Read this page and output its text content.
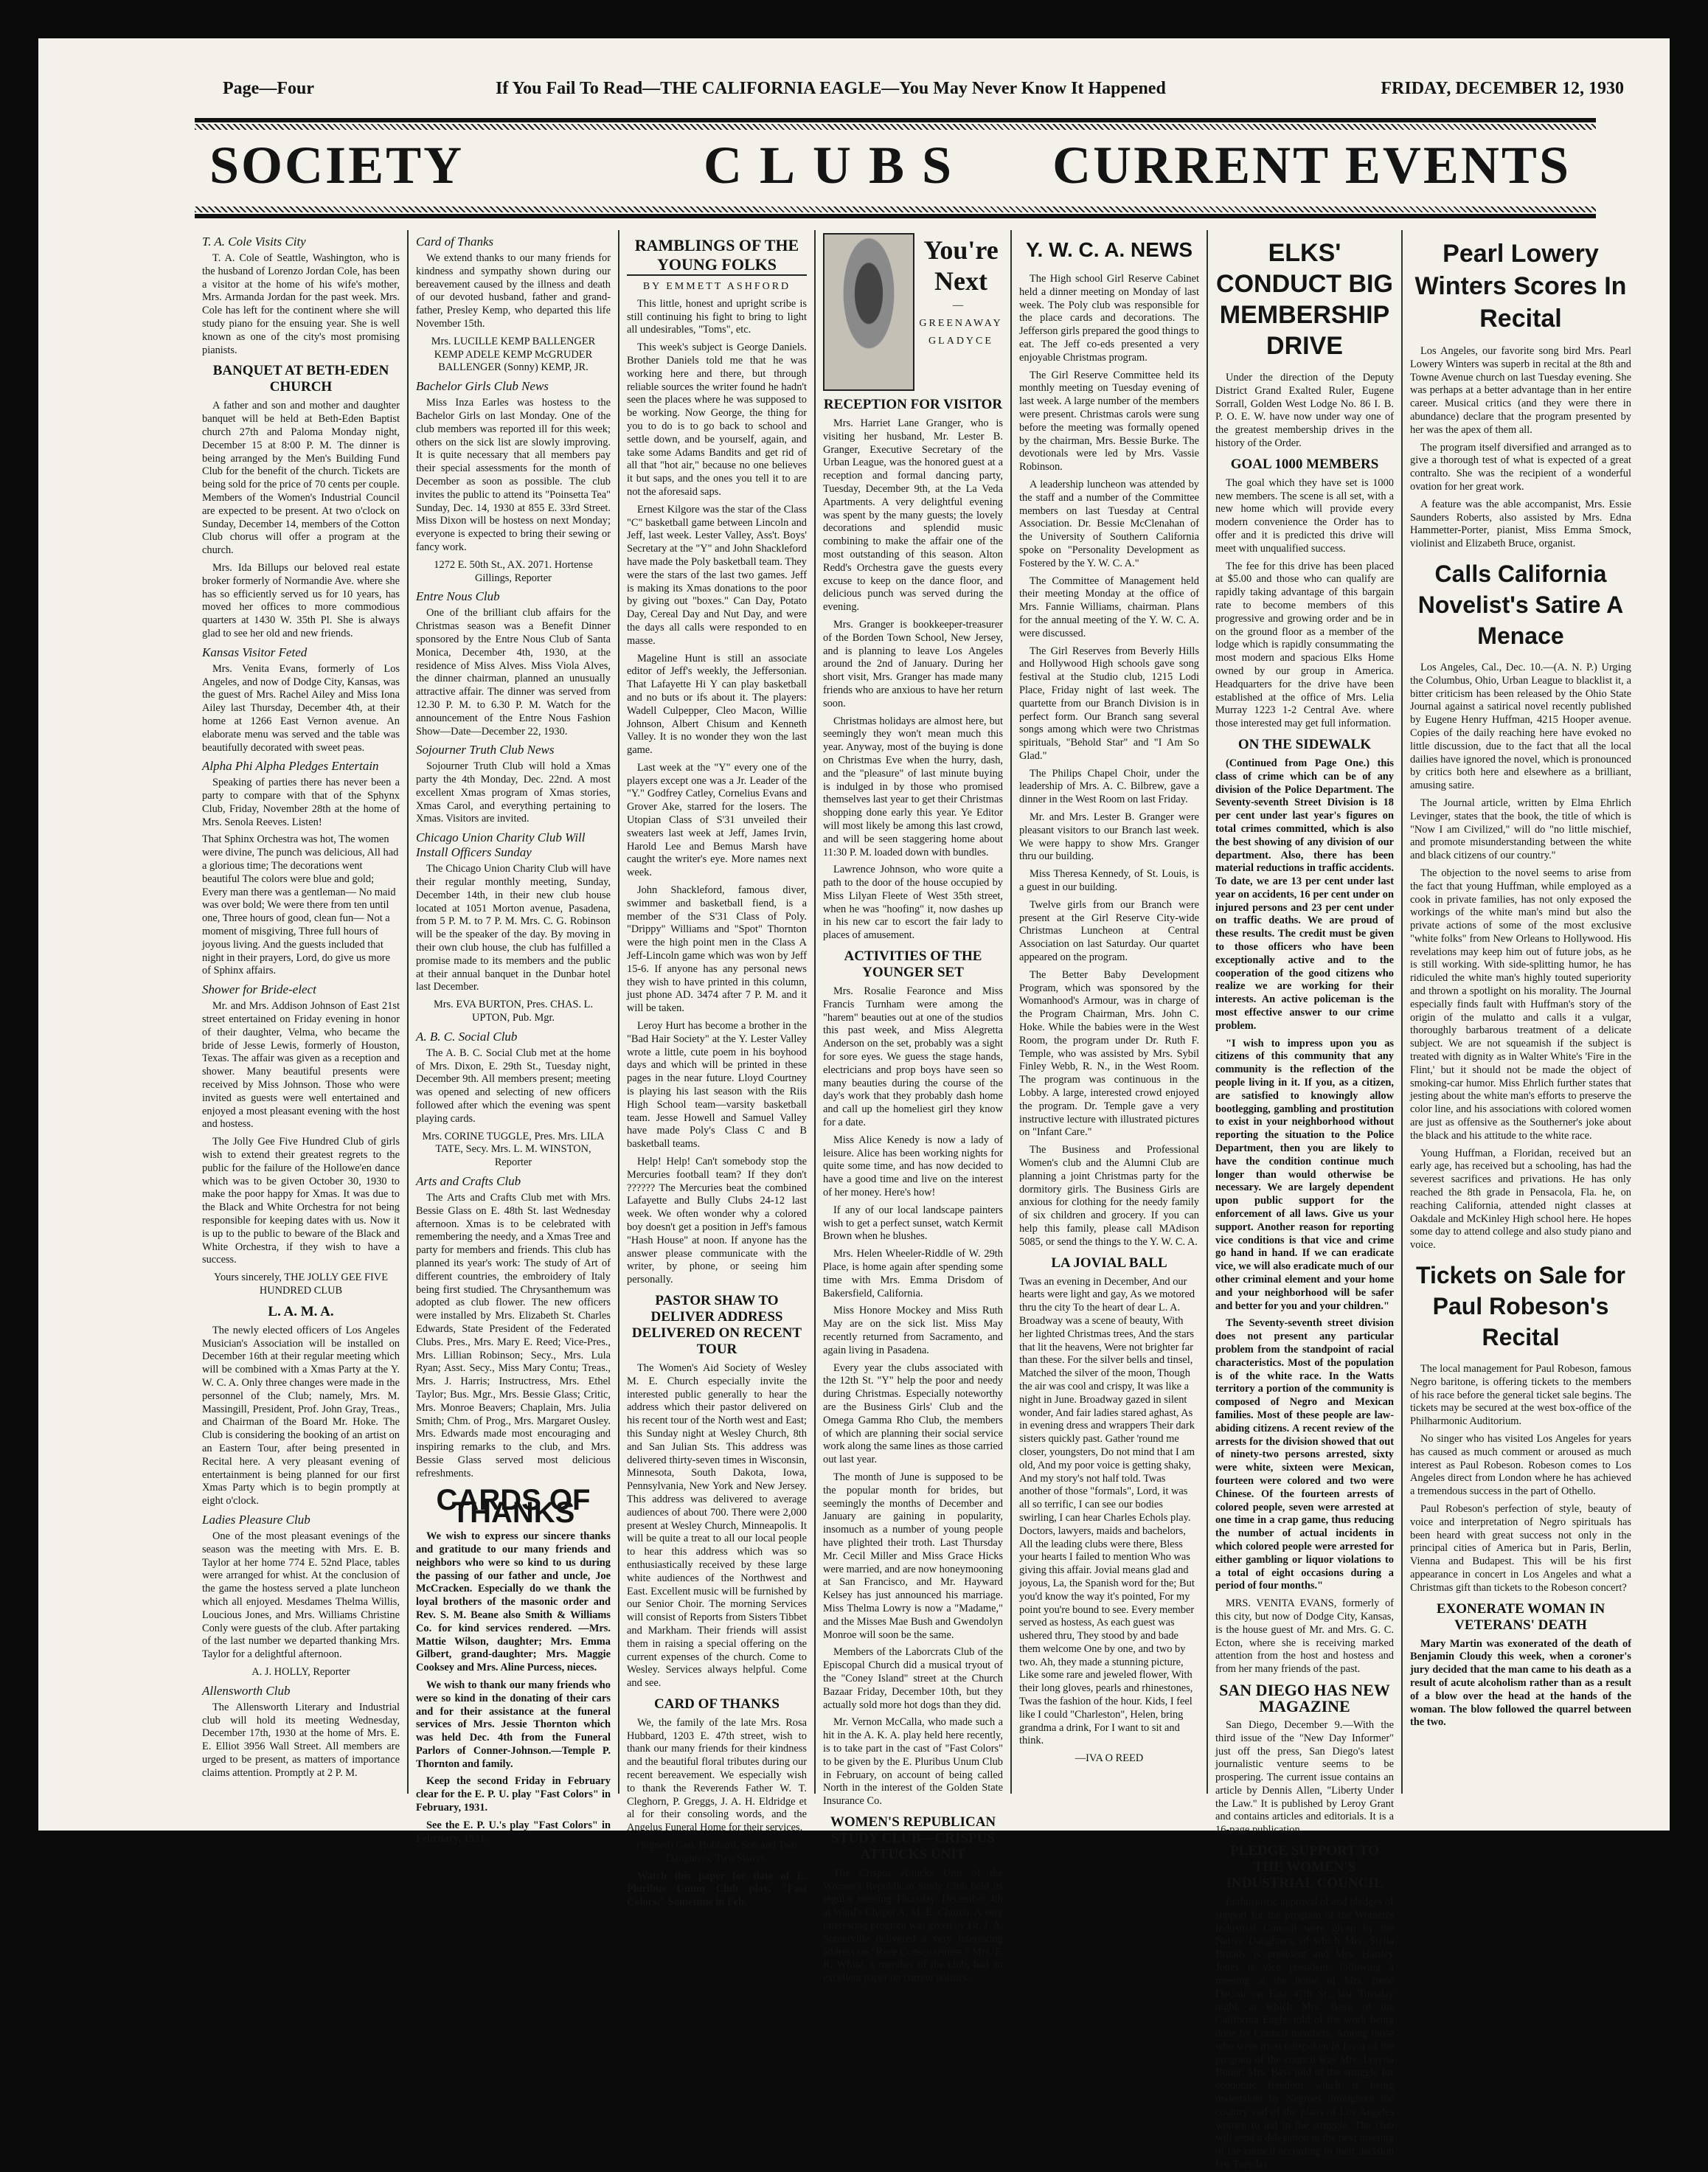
Page—Four	If You Fail To Read—THE CALIFORNIA EAGLE—You May Never Know It Happened	FRIDAY, DECEMBER 12, 1930
SOCIETY	CLUBS CURRENT EVENTS
T. A. Cole Visits City

T. A. Cole of Seattle, Washington, who is the husband of Lorenzo Jordan Cole, has been a visitor at the home of his wife's mother, Mrs. Armanda Jordan for the past week. Mrs. Cole has left for the continent where she will study piano for the ensuing year. She is well known as one of the city's most promising pianists.

BANQUET AT BETH-EDEN CHURCH

A father and son and mother and daughter banquet will be held at Beth-Eden Baptist church 27th and Paloma Monday night, December 15 at 8:00 P. M. The dinner is being arranged by the Men's Building Fund Club for the benefit of the church. Tickets are being sold for the price of 70 cents per couple. Members of the Women's Industrial Council are expected to be present. At two o'clock on Sunday, December 14, members of the Cotton Club chorus will offer a program at the church.

Mrs. Ida Billups our beloved real estate broker formerly of Normandie Ave. where she has so efficiently served us for 10 years, has moved her offices to more commodious quarters at 1430 W. 35th Pl. She is always glad to see her old and new friends.

Kansas Visitor Feted

Mrs. Venita Evans, formerly of Los Angeles, and now of Dodge City, Kansas, was the guest of Mrs. Rachel Ailey and Miss Iona Ailey last Thursday, December 4th, at their home at 1266 East Vernon avenue. An elaborate menu was served and the table was beautifully decorated with sweet peas.

Alpha Phi Alpha Pledges Entertain

Speaking of parties there has never been a party to compare with that of the Sphynx Club, Friday, November 28th at the home of Mrs. Senola Reeves. Listen!

That Sphinx Orchestra was hot, The women were divine, The punch was delicious, All had a glorious time; The decorations went beautiful The colors were blue and gold; Every man there was a gentleman— No maid was over bold; We were there from ten until one, Three hours of good, clean fun— Not a moment of misgiving, Three full hours of joyous living. And the guests included that night in their prayers, Lord, do give us more of Sphinx affairs.

Shower for Bride-elect

Mr. and Mrs. Addison Johnson of East 21st street entertained on Friday evening in honor of their daughter, Velma, who became the bride of Jesse Lewis, formerly of Houston, Texas. The affair was given as a reception and shower. Many beautiful presents were received by Miss Johnson. Those who were invited as guests were well entertained and enjoyed a most pleasant evening with the host and hostess.

The Jolly Gee Five Hundred Club of girls wish to extend their greatest regrets to the public for the failure of the Hollowe'en dance which was to be given October 30, 1930 to make the poor happy for Xmas. It was due to the Black and White Orchestra for not being responsible for keeping dates with us. Now it is up to the public to beware of the Black and White Orchestra, if they wish to have a success.

Yours sincerely, THE JOLLY GEE FIVE HUNDRED CLUB

L. A. M. A.

The newly elected officers of Los Angeles Musician's Association will be installed on December 16th at their regular meeting which will be combined with a Xmas Party at the Y. W. C. A. Only three changes were made in the personnel of the Club; namely, Mrs. M. Massingill, President, Prof. John Gray, Treas., and Chairman of the Board Mr. Hoke. The Club is considering the booking of an artist on an Eastern Tour, after being presented in Recital here. A very pleasant evening of entertainment is being planned for our first Xmas Party which is to begin promptly at eight o'clock.

Ladies Pleasure Club

One of the most pleasant evenings of the season was the meeting with Mrs. E. B. Taylor at her home 774 E. 52nd Place, tables were arranged for whist. At the conclusion of the game the hostess served a plate luncheon which all enjoyed. Mesdames Thelma Willis, Loucious Jones, and Mrs. Williams Christine Conly were guests of the club. After partaking of the last number we departed thanking Mrs. Taylor for a delightful afternoon.

A. J. HOLLY, Reporter

Allensworth Club

The Allensworth Literary and Industrial club will hold its meeting Wednesday, December 17th, 1930 at the home of Mrs. E. E. Elliot 3956 Wall Street. All members are urged to be present, as matters of importance claims attention. Promptly at 2 P. M.

Card of Thanks

We extend thanks to our many friends for kindness and sympathy shown during our bereavement caused by the illness and death of our devoted husband, father and grand-father, Presley Kemp, who departed this life November 15th.

Mrs. LUCILLE KEMP BALLENGER KEMP ADELE KEMP McGRUDER BALLENGER (Sonny) KEMP, JR.

Bachelor Girls Club News

Miss Inza Earles was hostess to the Bachelor Girls on last Monday. One of the club members was reported ill for this week; others on the sick list are slowly improving. It is quite necessary that all members pay their special assessments for the month of December as soon as possible. The club invites the public to attend its "Poinsetta Tea" Sunday, Dec. 14, 1930 at 855 E. 33rd Street. Miss Dixon will be hostess on next Monday; everyone is expected to bring their sewing or fancy work.

1272 E. 50th St., AX. 2071. Hortense Gillings, Reporter

Entre Nous Club

One of the brilliant club affairs for the Christmas season was a Benefit Dinner sponsored by the Entre Nous Club of Santa Monica, December 4th, 1930, at the residence of Miss Alves. Miss Viola Alves, the dinner chairman, planned an unusually attractive affair. The dinner was served from 12.30 P. M. to 6.30 P. M. Watch for the announcement of the Entre Nous Fashion Show—Date—December 22, 1930.

Sojourner Truth Club News

Sojourner Truth Club will hold a Xmas party the 4th Monday, Dec. 22nd. A most excellent Xmas program of Xmas stories, Xmas Carol, and everything pertaining to Xmas. Visitors are invited.

Chicago Union Charity Club Will Install Officers Sunday

The Chicago Union Charity Club will have their regular monthly meeting, Sunday, December 14th, in their new club house located at 1051 Morton avenue, Pasadena, from 5 P. M. to 7 P. M. Mrs. C. G. Robinson will be the speaker of the day. By moving in their own club house, the club has fulfilled a promise made to its members and the public at their annual banquet in the Dunbar hotel last December.

Mrs. EVA BURTON, Pres. CHAS. L. UPTON, Pub. Mgr.

A. B. C. Social Club

The A. B. C. Social Club met at the home of Mrs. Dixon, E. 29th St., Tuesday night, December 9th. All members present; meeting was opened and selecting of new officers followed after which the evening was spent playing cards.

Mrs. CORINE TUGGLE, Pres. Mrs. LILA TATE, Secy. Mrs. L. M. WINSTON, Reporter

Arts and Crafts Club

The Arts and Crafts Club met with Mrs. Bessie Glass on E. 48th St. last Wednesday afternoon. Xmas is to be celebrated with remembering the needy, and a Xmas Tree and party for members and friends. This club has planned its year's work: The study of Art of different countries, the embroidery of Italy being first studied. The Chrysanthemum was adopted as club flower. The new officers were installed by Mrs. Elizabeth St. Charles Edwards, State President of the Federated Clubs. Pres., Mrs. Mary E. Reed; Vice-Pres., Mrs. Lillian Robinson; Secy., Mrs. Lula Ryan; Asst. Secy., Miss Mary Contu; Treas., Mrs. J. Harris; Instructress, Mrs. Ethel Taylor; Bus. Mgr., Mrs. Bessie Glass; Critic, Mrs. Monroe Beavers; Chaplain, Mrs. Julia Smith; Chm. of Prog., Mrs. Margaret Ousley. Mrs. Edwards made most encouraging and inspiring remarks to the club, and Mrs. Bessie Glass served most delicious refreshments.

CARDS OF THANKS

We wish to express our sincere thanks and gratitude to our many friends and neighbors who were so kind to us during the passing of our father and uncle, Joe McCracken. Especially do we thank the loyal brothers of the masonic order and Rev. S. M. Beane also Smith & Williams Co. for kind services rendered. —Mrs. Mattie Wilson, daughter; Mrs. Emma Gilbert, grand-daughter; Mrs. Maggie Cooksey and Mrs. Aline Purcess, nieces.

We wish to thank our many friends who were so kind in the donating of their cars and for their assistance at the funeral services of Mrs. Jessie Thornton which was held Dec. 4th from the Funeral Parlors of Conner-Johnson.—Temple P. Thornton and family.

Keep the second Friday in February clear for the E. P. U. play "Fast Colors" in February, 1931.

See the E. P. U.'s play "Fast Colors" in February, 1931.

RAMBLINGS OF THE YOUNG FOLKS
BY EMMETT ASHFORD

This little, honest and upright scribe is still continuing his fight to bring to light all undesirables, "Toms", etc.

This week's subject is George Daniels. Brother Daniels told me that he was working here and there, but through reliable sources the writer found he hadn't seen the places where he was supposed to be working. Now George, the thing for you to do is to go back to school and settle down, and be yourself, again, and take some Adams Bandits and get rid of all that "hot air," because no one believes it but saps, and the ones you tell it to are not the aforesaid saps.

Ernest Kilgore was the star of the Class "C" basketball game between Lincoln and Jeff, last week. Lester Valley, Ass't. Boys' Secretary at the "Y" and John Shackleford have made the Poly basketball team. They were the stars of the last two games. Jeff is making its Xmas donations to the poor by giving out "boxes." Can Day, Potato Day, Cereal Day and Nut Day, and were the days all calls were responded to en masse.

Mageline Hunt is still an associate editor of Jeff's weekly, the Jeffersonian. That Lafayette Hi Y can play basketball and no buts or ifs about it. The players: Wadell Culpepper, Cleo Macon, Willie Johnson, Albert Chisum and Kenneth Valley. It is no wonder they won the last game.

Last week at the "Y" every one of the players except one was a Jr. Leader of the "Y." Godfrey Catley, Cornelius Evans and Grover Ake, starred for the losers. The Utopian Class of S'31 unveiled their sweaters last week at Jeff, James Irvin, Harold Lee and Bemus Marsh have caught the writer's eye. More names next week.

John Shackleford, famous diver, swimmer and basketball fiend, is a member of the S'31 Class of Poly. "Drippy" Williams and "Spot" Thornton were the high point men in the Class A Jeff-Lincoln game which was won by Jeff 15-6. If anyone has any personal news they wish to have printed in this column, just phone AD. 3474 after 7 P. M. and it will be taken.

Leroy Hurt has become a brother in the "Bad Hair Society" at the Y. Lester Valley wrote a little, cute poem in his boyhood days and which will be printed in these pages in the near future. Lloyd Courtney is playing his last season with the Riis High School team—varsity basketball team. Jesse Howell and Samuel Valley have made Poly's Class C and B basketball teams.

Help! Help! Can't somebody stop the Mercuries football team? If they don't ?????? The Mercuries beat the combined Lafayette and Bully Clubs 24-12 last week. We often wonder why a colored boy doesn't get a position in Jeff's famous "Hash House" at noon. If anyone has the answer please communicate with the writer, by phone, or seeing him personally.

PASTOR SHAW TO DELIVER ADDRESS DELIVERED ON RECENT TOUR

The Women's Aid Society of Wesley M. E. Church especially invite the interested public generally to hear the address which their pastor delivered on his recent tour of the North west and East; this Sunday night at Wesley Church, 8th and San Julian Sts. This address was delivered thirty-seven times in Wisconsin, Minnesota, South Dakota, Iowa, Pennsylvania, New York and New Jersey. This address was delivered to average audiences of about 700. There were 2,000 present at Wesley Church, Minneapolis. It will be quite a treat to all our local people to hear this address which was so enthusiastically received by these large white audiences of the Northwest and East. Excellent music will be furnished by our Senior Choir. The morning Services will consist of Reports from Sisters Tibbet and Markham. Their friends will assist them in raising a special offering on the current expenses of the church. Come to Wesley. Services always helpful. Come and see.

CARD OF THANKS

We, the family of the late Mrs. Rosa Hubbard, 1203 E. 47th street, wish to thank our many friends for their kindness and the beautiful floral tributes during our recent bereavement. We especially wish to thank the Reverends Father W. T. Cleghorn, P. Greggs, J. A. H. Eldridge et al for their consoling words, and the Angelus Funeral Home for their services.

(Signed) Geo. Hubbard, Son and Two Daughters; Two Sisters.

Watch this paper for date of E. Pluribus Unum Club play, "Fast Colors." Sometime in Feb.

You're Next
—
GREENAWAY
GLADYCE
RECEPTION FOR VISITOR

Mrs. Harriet Lane Granger, who is visiting her husband, Mr. Lester B. Granger, Executive Secretary of the Urban League, was the honored guest at a reception and formal dancing party, Tuesday, December 9th, at the La Veda Apartments. A very delightful evening was spent by the many guests; the lovely decorations and splendid music combining to make the affair one of the most outstanding of this season. Alton Redd's Orchestra gave the guests every excuse to keep on the dance floor, and delicious punch was served during the evening.

Mrs. Granger is bookkeeper-treasurer of the Borden Town School, New Jersey, and is planning to leave Los Angeles around the 2nd of January. During her short visit, Mrs. Granger has made many friends who are anxious to have her return soon.

Christmas holidays are almost here, but seemingly they won't mean much this year. Anyway, most of the buying is done on Christmas Eve when the hurry, dash, and the "pleasure" of last minute buying is indulged in by those who promised themselves last year to get their Christmas shopping done early this year. Ye Editor will most likely be among this last crowd, and will be seen staggering home about 11:30 P. M. loaded down with bundles.

Lawrence Johnson, who wore quite a path to the door of the house occupied by Miss Lilyan Fleete of West 35th street, when he was "hoofing" it, now dashes up in his new car to escort the fair lady to places of amusement.

ACTIVITIES OF THE YOUNGER SET

Mrs. Rosalie Fearonce and Miss Francis Turnham were among the "harem" beauties out at one of the studios this past week, and Miss Alegretta Anderson on the set, probably was a sight for sore eyes. We guess the stage hands, electricians and prop boys have seen so many beauties during the course of the day's work that they probably dash home and call up the homeliest girl they know for a date.

Miss Alice Kenedy is now a lady of leisure. Alice has been working nights for quite some time, and has now decided to have a good time and live on the interest of her money. Here's how!

If any of our local landscape painters wish to get a perfect sunset, watch Kermit Brown when he blushes.

Mrs. Helen Wheeler-Riddle of W. 29th Place, is home again after spending some time with Mrs. Emma Drisdom of Bakersfield, California.

Miss Honore Mockey and Miss Ruth May are on the sick list. Miss May recently returned from Sacramento, and again living in Pasadena.

Every year the clubs associated with the 12th St. "Y" help the poor and needy during Christmas. Especially noteworthy are the Business Girls' Club and the Omega Gamma Rho Club, the members of which are planning their social service work along the same lines as those carried out last year.

The month of June is supposed to be the popular month for brides, but seemingly the months of December and January are gaining in popularity, insomuch as a number of young people have plighted their troth. Last Thursday Mr. Cecil Miller and Miss Grace Hicks were married, and are now honeymooning at San Francisco, and Mr. Hayward Kelsey has just announced his marriage. Miss Thelma Lowry is now a "Madame," and the Misses Mae Bush and Gwendolyn Monroe will soon be the same.

Members of the Laborcrats Club of the Episcopal Church did a musical tryout of the "Coney Island" street at the Church Bazaar Friday, December 10th, but they actually sold more hot dogs than they did.

Mr. Vernon McCalla, who made such a hit in the A. K. A. play held here recently, is to take part in the cast of "Fast Colors" to be given by the E. Pluribus Unum Club in February, on account of being called North in the interest of the Golden State Insurance Co.

WOMEN'S REPUBLICAN STUDY CLUB—CRISPUS ATTUCKS UNIT

The Crispus Attucks Unit of the Women's Republican Study Club held its regular meeting Thursday, December 4th at Ward's Chapel A. M. E. Church. A very interesting program was given by Dr. J. A. Somerville delivered a very interesting address on "Race Consciousness." Mrs. F. R. White, a member of the club, had an excellent paper on current politics.

Y. W. C. A. NEWS

The High school Girl Reserve Cabinet held a dinner meeting on Monday of last week. The Poly club was responsible for the place cards and decorations. The Jefferson girls prepared the good things to eat. The Jeff co-eds presented a very enjoyable Christmas program.

The Girl Reserve Committee held its monthly meeting on Tuesday evening of last week. A large number of the members were present. Christmas carols were sung before the meeting was formally opened by the chairman, Mrs. Bessie Burke. The devotionals were led by Mrs. Vassie Robinson.

A leadership luncheon was attended by the staff and a number of the Committee members on last Tuesday at Central Association. Dr. Bessie McClenahan of the University of Southern California spoke on "Personality Development as Fostered by the Y. W. C. A."

The Committee of Management held their meeting Monday at the office of Mrs. Fannie Williams, chairman. Plans for the annual meeting of the Y. W. C. A. were discussed.

The Girl Reserves from Beverly Hills and Hollywood High schools gave song festival at the Studio club, 1215 Lodi Place, Friday night of last week. The quartette from our Branch Division is in perfect form. Our Branch sang several songs among which were two Christmas spirituals, "Behold Star" and "I Am So Glad."

The Philips Chapel Choir, under the leadership of Mrs. A. C. Bilbrew, gave a dinner in the West Room on last Friday.

Mr. and Mrs. Lester B. Granger were pleasant visitors to our Branch last week. We were happy to show Mrs. Granger thru our building.

Miss Theresa Kennedy, of St. Louis, is a guest in our building.

Twelve girls from our Branch were present at the Girl Reserve City-wide Christmas Luncheon at Central Association on last Saturday. Our quartet appeared on the program.

The Better Baby Development Program, which was sponsored by the Womanhood's Armour, was in charge of the Program Chairman, Mrs. John C. Hoke. While the babies were in the West Room, the program under Dr. Ruth F. Temple, who was assisted by Mrs. Sybil Finley Webb, R. N., in the West Room. The program was continuous in the Lobby. A large, interested crowd enjoyed the program. Dr. Temple gave a very instructive lecture with illustrated pictures on "Infant Care."

The Business and Professional Women's club and the Alumni Club are planning a joint Christmas party for the dormitory girls. The Business Girls are anxious for clothing for the needy family of six children and grocery. If you can help this family, please call MAdison 5085, or send the things to the Y. W. C. A.

LA JOVIAL BALL

Twas an evening in December, And our hearts were light and gay, As we motored thru the city To the heart of dear L. A. Broadway was a scene of beauty, With her lighted Christmas trees, And the stars that lit the heavens, Were not brighter far than these. For the silver bells and tinsel, Matched the silver of the moon, Though the air was cool and crispy, It was like a night in June. Broadway gazed in silent wonder, And fair ladies stared aghast, As in evening dress and wrappers Their dark sisters quickly past. Gather 'round me closer, youngsters, Do not mind that I am old, And my poor voice is getting shaky, And my story's not half told. Twas another of those "formals", Lord, it was all so terrific, I can see our bodies swirling, I can hear Charles Echols play. Doctors, lawyers, maids and bachelors, All the leading clubs were there, Bless your hearts I failed to mention Who was giving this affair. Jovial means glad and joyous, La, the Spanish word for the; But you'd know the way it's pointed, For my point you're bound to see. Every member served as hostess, As each guest was ushered thru, They stood by and bade them welcome One by one, and two by two. Ah, they made a stunning picture, Like some rare and jeweled flower, With their long gloves, pearls and rhinestones, Twas the fashion of the hour. Kids, I feel like I could "Charleston", Helen, bring grandma a drink, For I want to sit and think.

—IVA O REED

ELKS' CONDUCT BIG MEMBERSHIP DRIVE

Under the direction of the Deputy District Grand Exalted Ruler, Eugene Sorrall, Golden West Lodge No. 86 I. B. P. O. E. W. have now under way one of the greatest membership drives in the history of the Order.

GOAL 1000 MEMBERS

The goal which they have set is 1000 new members. The scene is all set, with a new home which will provide every modern convenience the Order has to offer and it is predicted this drive will meet with unqualified success.

The fee for this drive has been placed at $5.00 and those who can qualify are rapidly taking advantage of this bargain rate to become members of this progressive and growing order and be in on the ground floor as a member of the lodge which is rapidly consummating the most modern and spacious Elks Home owned by our group in America. Headquarters for the drive have been established at the office of Mrs. Lelia Murray 1223 1-2 Central Ave. where those interested may get full information.

ON THE SIDEWALK

(Continued from Page One.) this class of crime which can be of any division of the Police Department. The Seventy-seventh Street Division is 18 per cent under last year's figures on total crimes committed, which is also the best showing of any division of our department. Also, there has been material reductions in traffic accidents. To date, we are 13 per cent under last year on accidents, 16 per cent under on injured persons and 23 per cent under on traffic deaths. We are proud of these results. The credit must be given to those officers who have been exceptionally active and to the cooperation of the good citizens who realize we are working for their interests. An active policeman is the most effective answer to our crime problem.

"I wish to impress upon you as citizens of this community that any community is the reflection of the people living in it. If you, as a citizen, are satisfied to knowingly allow bootlegging, gambling and prostitution to exist in your neighborhood without reporting the situation to the Police Department, then you are likely to have the condition continue much longer than would otherwise be necessary. We are largely dependent upon public support for the enforcement of all laws. Give us your support. Another reason for reporting vice conditions is that vice and crime go hand in hand. If we can eradicate vice, we will also eradicate much of our other criminal element and your home and your neighborhood will be safer and better for you and your children."

The Seventy-seventh street division does not present any particular problem from the standpoint of racial characteristics. Most of the population is of the white race. In the Watts territory a portion of the community is composed of Negro and Mexican families. Most of these people are law-abiding citizens. A recent review of the arrests for the division showed that out of ninety-two persons arrested, sixty were white, sixteen were Mexican, fourteen were colored and two were Chinese. Of the fourteen arrests of colored people, seven were arrested at one time in a crap game, thus reducing the number of actual incidents in which colored people were arrested for either gambling or liquor violations to a total of eight occasions during a period of four months."

MRS. VENITA EVANS, formerly of this city, but now of Dodge City, Kansas, is the house guest of Mr. and Mrs. G. C. Ecton, where she is receiving marked attention from the host and hostess and from her many friends of the past.

SAN DIEGO HAS NEW MAGAZINE

San Diego, December 9.—With the third issue of the "New Day Informer" just off the press, San Diego's latest journalistic venture seems to be prospering. The current issue contains an article by Dennis Allen, "Liberty Under the Law." It is published by Leroy Grant and contains articles and editorials. It is a 16-page publication.

PLEDGE SUPPORT TO THE WOMEN'S INDUSTRIAL COUNCIL

Enthusiastic approval of and pledges of support for the program of the Women's Industrial Council were given by the Native Daughters, of which Mrs. Stella Broady is president and Mrs. Hartley Jones is vice president, following a meeting at the home of Mrs. Irene DeCuir on East 47th St., last Tuesday night, at which Mrs. Bass, of the California Eagle, told of the work being done by Council members. Among those who were most outspoken in favor of the program of the council was Mrs. Loretta Butler. Mrs. Bass told of the struggle for economic freedom which is being undertaken by Negroes throughout the country and of the plans of Los Angeles women to aid in the struggle. The club will send a delegation to the next meeting of the council according to their decision last Tuesday.

Pearl Lowery Winters Scores In Recital

Los Angeles, our favorite song bird Mrs. Pearl Lowery Winters was superb in recital at the 8th and Towne Avenue church on last Tuesday evening. She was perhaps at a better advantage than in her entire career. Musical critics (and they were there in abundance) declare that the program presented by her was the apex of them all.

The program itself diversified and arranged as to give a thorough test of what is expected of a great contralto. She was the recipient of a wonderful ovation for her great work.

A feature was the able accompanist, Mrs. Essie Saunders Roberts, also assisted by Mrs. Edna Hammetter-Porter, pianist, Miss Emma Smock, violinist and Elizabeth Bruce, organist.

Calls California Novelist's Satire A Menace

Los Angeles, Cal., Dec. 10.—(A. N. P.) Urging the Columbus, Ohio, Urban League to blacklist it, a bitter criticism has been released by the Ohio State Journal against a satirical novel recently published by Eugene Henry Huffman, 4215 Hooper avenue. Copies of the daily reaching here have evoked no little discussion, due to the fact that all the local dailies have ignored the novel, which is pronounced by critics both here and elsewhere as a brilliant, amusing satire.

The Journal article, written by Elma Ehrlich Levinger, states that the book, the title of which is "Now I am Civilized," will do "no little mischief, and promote misunderstanding between the white and black citizens of our country."

The objection to the novel seems to arise from the fact that young Huffman, while employed as a cook in private families, has not only exposed the workings of the white man's mind but also the private actions of some of the most exclusive "white folks" from New Orleans to Hollywood. His revelations may keep him out of future jobs, as he is still working. With side-splitting humor, he has ridiculed the white man's highly touted superiority and thrown a spotlight on his morality. The Journal especially finds fault with Huffman's story of the origin of the mulatto and calls it a vulgar, thoroughly barbarous treatment of a delicate subject. We are not squeamish if the subject is treated with dignity as in Walter White's 'Fire in the Flint,' but it should not be made the object of smoking-car humor. Miss Ehrlich further states that jesting about the white man's efforts to preserve the color line, and his associations with colored women are just as offensive as the Southerner's joke about the black and his attitude to the white race.

Young Huffman, a Floridan, received but an early age, has received but a schooling, has had the severest sacrifices and privations. He has only reached the 8th grade in Pensacola, Fla. he, on reaching California, attended night classes at Oakdale and McKinley High school here. He hopes some day to attend college and also study piano and voice.

Tickets on Sale for Paul Robeson's Recital

The local management for Paul Robeson, famous Negro baritone, is offering tickets to the members of his race before the general ticket sale begins. The tickets may be secured at the west box-office of the Philharmonic Auditorium.

No singer who has visited Los Angeles for years has caused as much comment or aroused as much interest as Paul Robeson. Robeson comes to Los Angeles direct from London where he has achieved a tremendous success in the part of Othello.

Paul Robeson's perfection of style, beauty of voice and interpretation of Negro spirituals has been heard with great success not only in the principal cities of America but in Paris, Berlin, Vienna and Budapest. This will be his first appearance in concert in Los Angeles and what a Christmas gift than tickets to the Robeson concert?

EXONERATE WOMAN IN VETERANS' DEATH

Mary Martin was exonerated of the death of Benjamin Cloudy this week, when a coroner's jury decided that the man came to his death as a result of acute alcoholism rather than as a result of a blow over the head at the hands of the woman. The blow followed the quarrel between the two.
